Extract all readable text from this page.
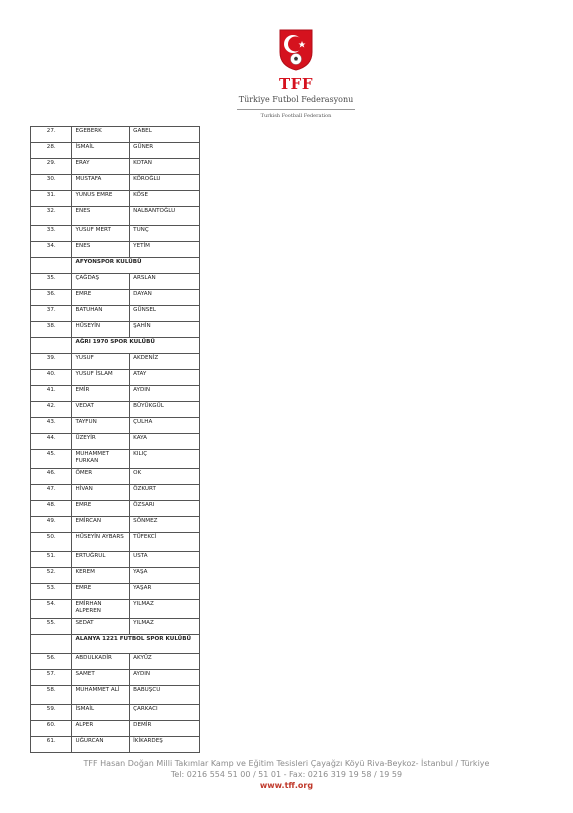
TFF
Türkiye Futbol Federasyonu
Turkish Football Federation
27.	EGEBERK	GABEL
28.	İSMAİL	GÜNER
29.	ERAY	KOTAN
30.	MUSTAFA	KÖROĞLU
31.	YUNUS EMRE	KÖSE
32.	ENES	NALBANTOĞLU
33.	YUSUF MERT	TUNÇ
34.	ENES	YETİM
	AFYONSPOR KULÜBÜ	
35.	ÇAĞDAŞ	ARSLAN
36.	EMRE	DAYAN
37.	BATUHAN	GÜNSEL
38.	HÜSEYİN	ŞAHİN
	AĞRI 1970 SPOR KULÜBÜ	
39.	YUSUF	AKDENİZ
40.	YUSUF İSLAM	ATAY
41.	EMİR	AYDIN
42.	VEDAT	BÜYÜKGÜL
43.	TAYFUN	ÇULHA
44.	ÜZEYİR	KAYA
45.	MUHAMMET FURKAN	KILIÇ
46.	ÖMER	OK
47.	HİVAN	ÖZKURT
48.	EMRE	ÖZSARI
49.	EMİRCAN	SÖNMEZ
50.	HÜSEYİN AYBARS	TÜFEKCİ
51.	ERTUĞRUL	USTA
52.	KEREM	YAŞA
53.	EMRE	YAŞAR
54.	EMİRHAN ALPEREN	YILMAZ
55.	SEDAT	YILMAZ
	ALANYA 1221 FUTBOL SPOR KULÜBÜ	
56.	ABDULKADİR	AKYÜZ
57.	SAMET	AYDIN
58.	MUHAMMET ALİ	BABUŞCU
59.	İSMAİL	ÇARKACI
60.	ALPER	DEMİR
61.	UĞURCAN	İKİKARDEŞ
TFF Hasan Doğan Milli Takımlar Kamp ve Eğitim Tesisleri Çayağzı Köyü Riva-Beykoz- İstanbul / Türkiye
Tel: 0216 554 51 00 / 51 01 - Fax: 0216 319 19 58 / 19 59
www.tff.org
